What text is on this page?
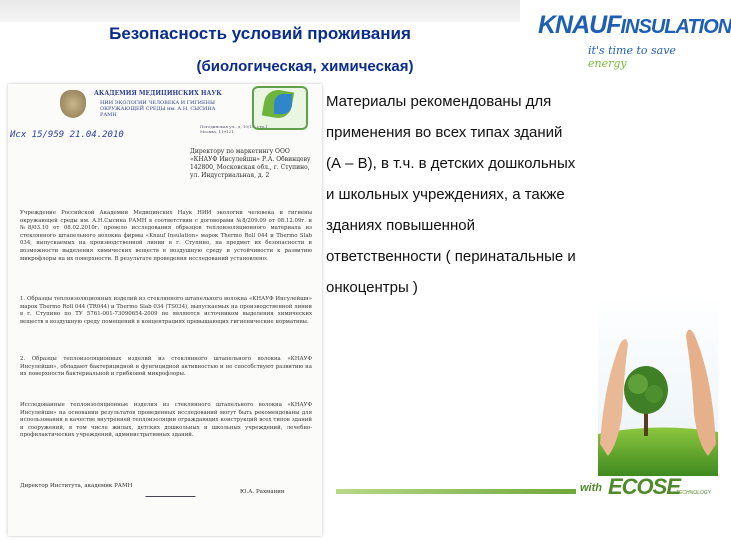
Безопасность условий проживания
(биологическая, химическая)
KNAUFINSULATION
it's time to save energy
АКАДЕМИЯ МЕДИЦИНСКИХ НАУК
НИИ ЭКОЛОГИИ ЧЕЛОВЕКА И ГИГИЕНЫ ОКРУЖАЮЩЕЙ СРЕДЫ им. А.Н. СЫСИНА РАМН
Погодинская ул., д. 10/15, стр.1 Москва, 119121
Исх 15/959 21.04.2010
Директору по маркетингу ООО «КНАУФ Инсулейшн» Р.А. Обвинцеву 142800, Московская обл., г. Ступино, ул. Индустриальная, д. 2
Учреждение Российской Академии Медицинских Наук НИИ экологии человека и гигиены окружающей среды им. А.Н.Сысина РАМН в соответствии с договорами №8/209.09 от 08.12.09г. и №8/03.10 от 08.02.2010г. провело исследования образцов теплоизоляционного материала из стеклянного штапельного волокна фирмы «Knauf Insulation» марок Thermo Roll 044 и Thermo Slab 034, выпускаемых на производственной линии в г. Ступино, на предмет их безопасности и возможности выделения химических веществ в воздушную среду и устойчивости к развитию микрофлоры на их поверхности. В результате проведения исследований установлено:
1. Образцы теплоизоляционных изделий из стеклянного штапельного волокна «КНАУФ Инсулейшн» марок Thermo Roll 044 (TR044) и Thermo Slab 034 (TS034), выпускаемых на производственной линии в г. Ступино по ТУ 5761-001-73090654-2009 не являются источником выделения химических веществ в воздушную среду помещений в концентрациях превышающих гигиенические нормативы.
2. Образцы теплоизоляционных изделий из стеклянного штапельного волокна «КНАУФ Инсулейшн», обладают бактерицидной и фунгицидной активностью и не способствуют развитию на их поверхности бактериальной и грибковой микрофлоры.
Исследованные теплоизоляционные изделия из стеклянного штапельного волокна «КНАУФ Инсулейшн» на основании результатов проведенных исследований могут быть рекомендованы для использования в качестве внутренней теплоизоляции ограждающих конструкций всех типов зданий и сооружений, в том числе жилых, детских дошкольных и школьных учреждений, лечебно-профилактических учреждений, административных зданий.
Директор Института, академик РАМН
Ю.А. Рахманин
Материалы рекомендованы для
применения во всех типах зданий
(А – В), в т.ч. в детских дошкольных
и школьных учреждениях, а также
зданиях повышенной
ответственности ( перинатальные и
онкоцентры )
with ECOSE
TECHNOLOGY
